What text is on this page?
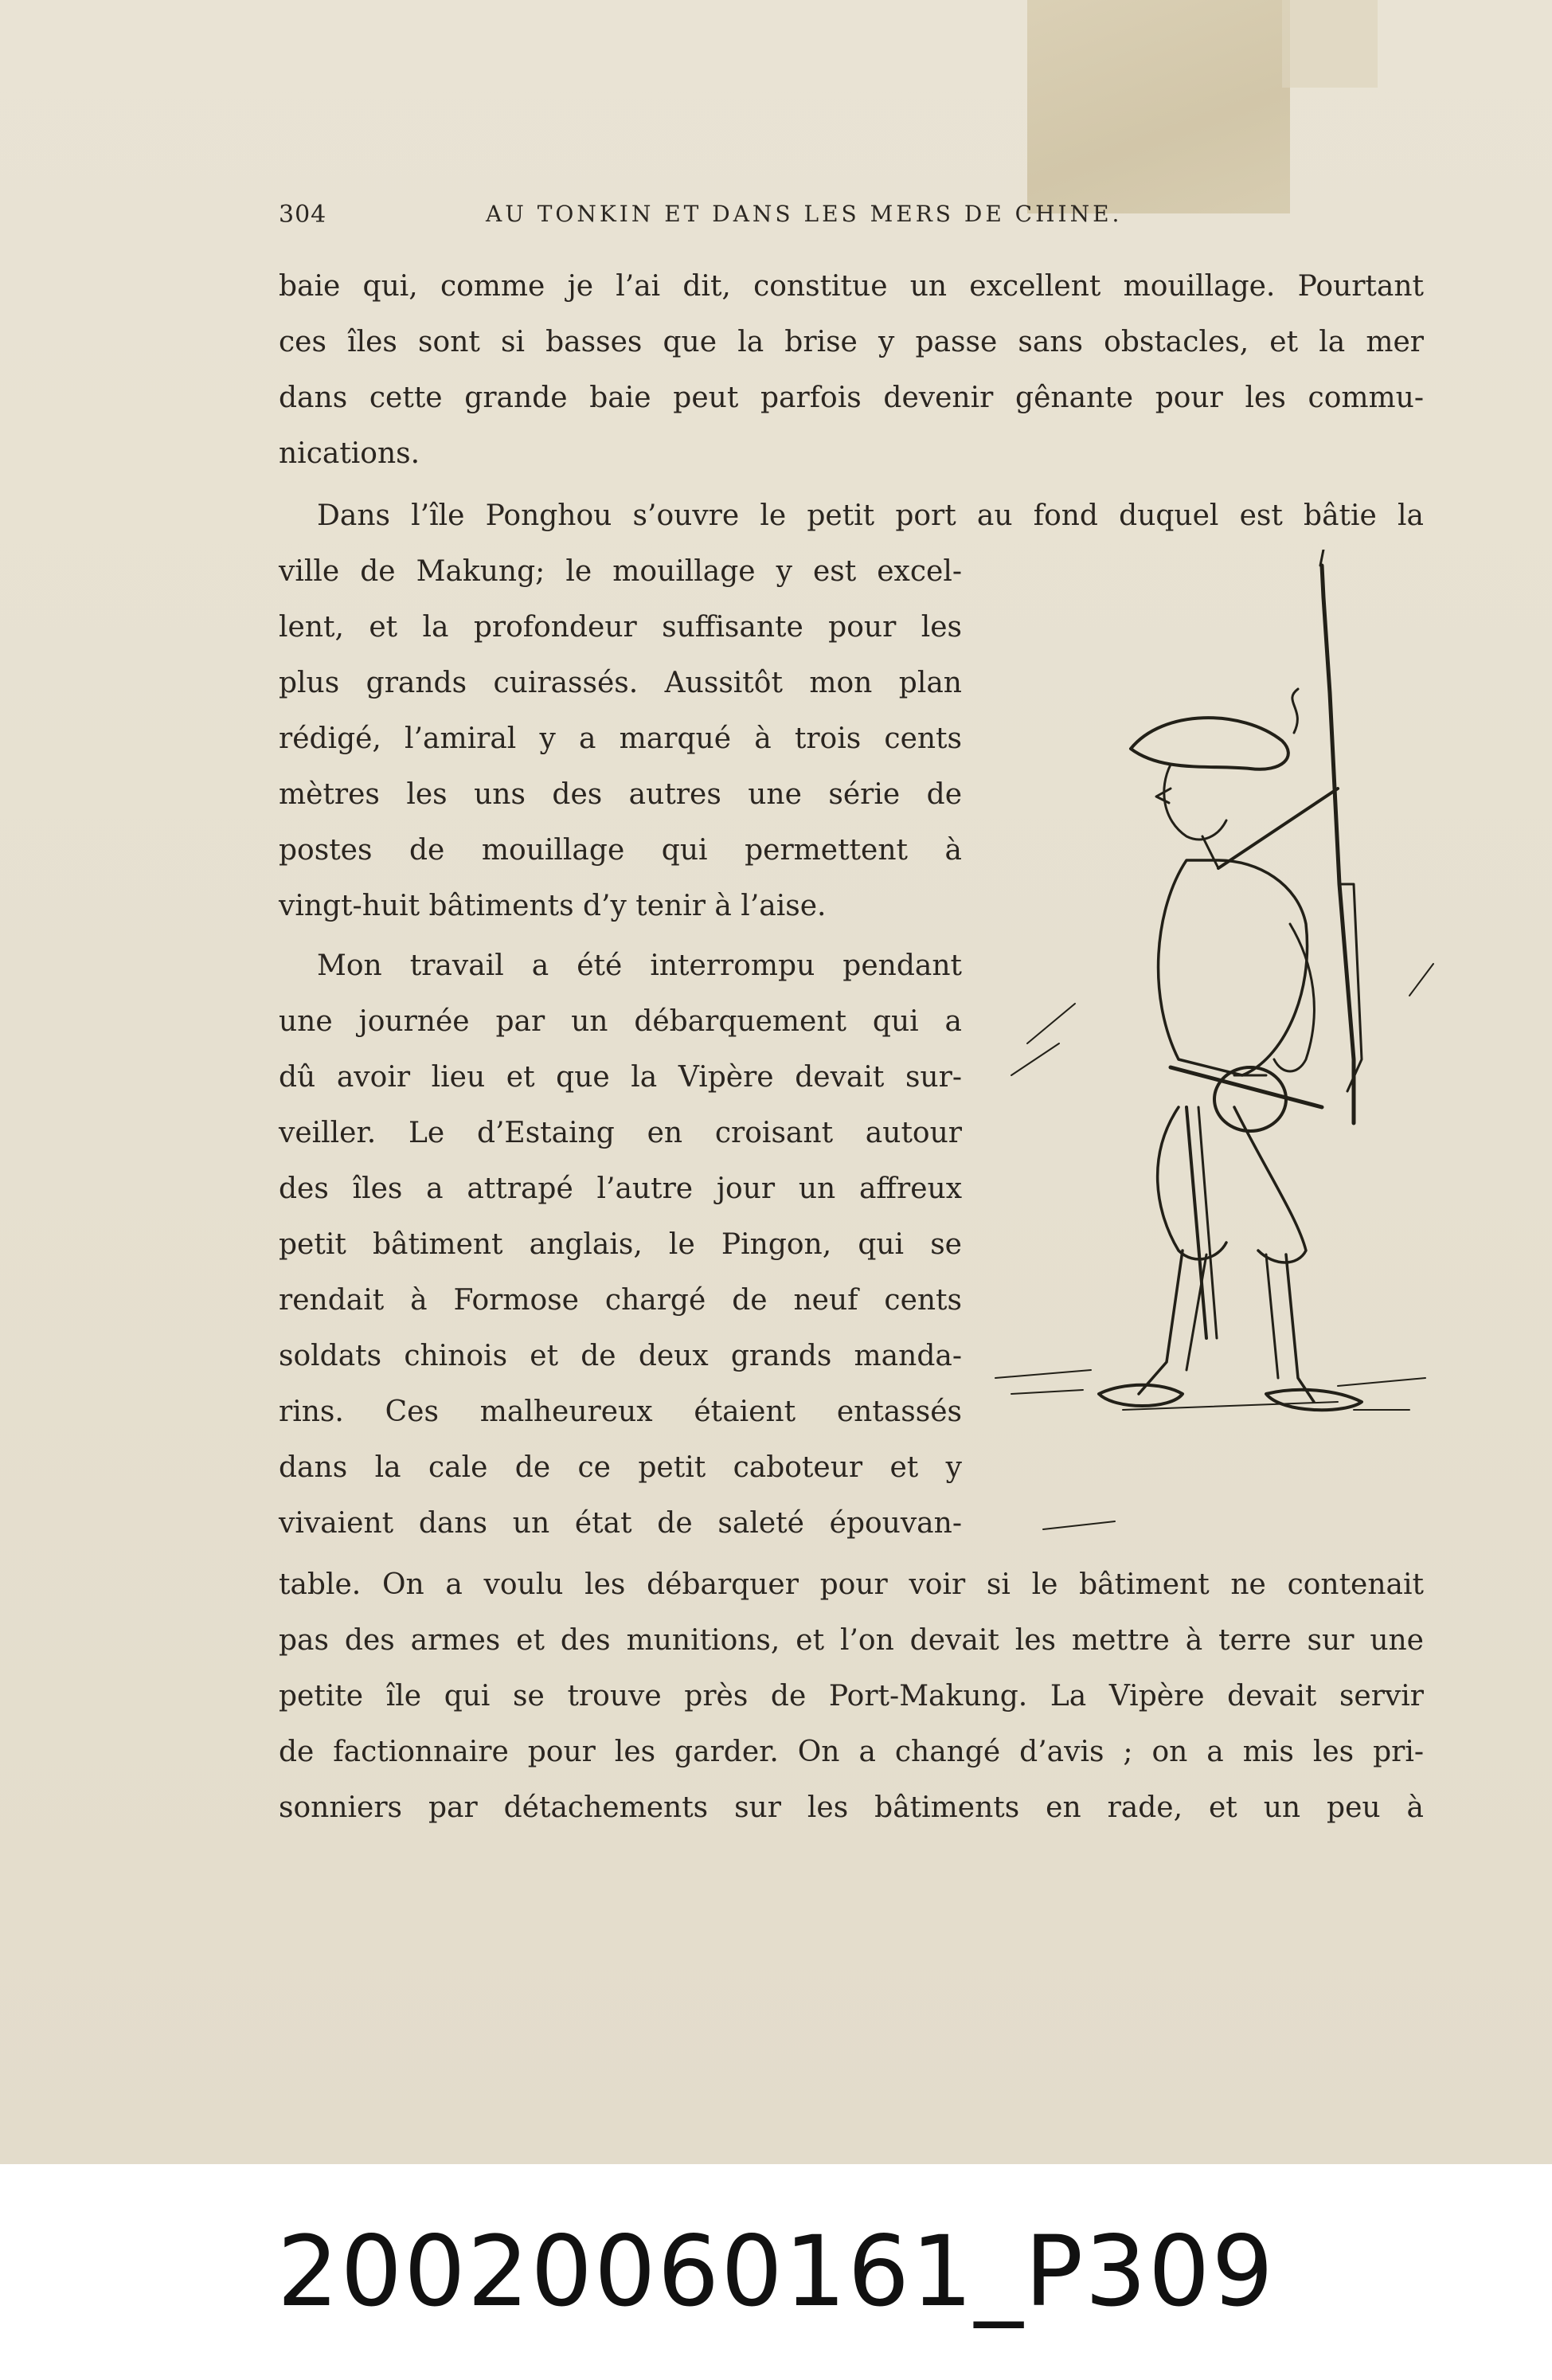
304	AU TONKIN ET DANS LES MERS DE CHINE.
baie qui, comme je l’ai dit, constitue un excellent mouillage. Pourtant
ces îles sont si basses que la brise y passe sans obstacles, et la mer
dans cette grande baie peut parfois devenir gênante pour les commu-
nications.
Dans l’île Ponghou s’ouvre le petit port au fond duquel est bâtie la
ville de Makung; le mouillage y est excel-
lent, et la profondeur suffisante pour les
plus grands cuirassés. Aussitôt mon plan
rédigé, l’amiral y a marqué à trois cents
mètres les uns des autres une série de
postes de mouillage qui permettent à
vingt-huit bâtiments d’y tenir à l’aise.
Mon travail a été interrompu pendant
une journée par un débarquement qui a
dû avoir lieu et que la Vipère devait sur-
veiller. Le d’Estaing en croisant autour
des îles a attrapé l’autre jour un affreux
petit bâtiment anglais, le Pingon, qui se
rendait à Formose chargé de neuf cents
soldats chinois et de deux grands manda-
rins. Ces malheureux étaient entassés
dans la cale de ce petit caboteur et y
vivaient dans un état de saleté épouvan-
table. On a voulu les débarquer pour voir si le bâtiment ne contenait
pas des armes et des munitions, et l’on devait les mettre à terre sur une
petite île qui se trouve près de Port-Makung. La Vipère devait servir
de factionnaire pour les garder. On a changé d’avis ; on a mis les pri-
sonniers par détachements sur les bâtiments en rade, et un peu à
20020060161_P309
